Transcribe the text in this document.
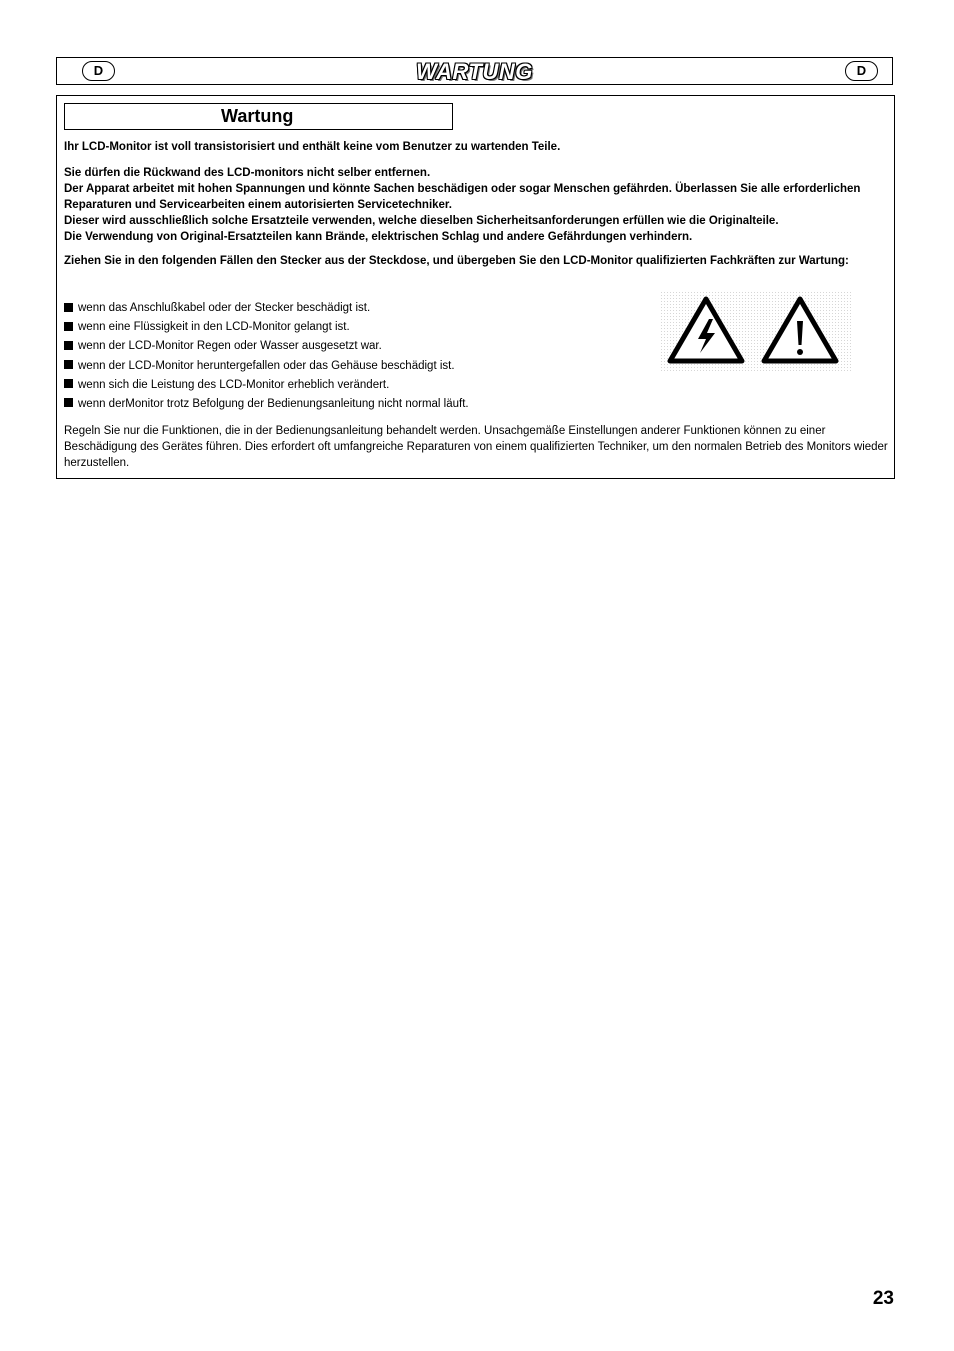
D	WARTUNG	D
Wartung

Ihr LCD-Monitor ist voll transistorisiert und enthält keine vom Benutzer zu wartenden Teile.

Sie dürfen die Rückwand des LCD-monitors nicht selber entfernen.
Der Apparat arbeitet mit hohen Spannungen und könnte Sachen beschädigen oder sogar Menschen gefährden. Überlassen Sie alle erforderlichen Reparaturen und Servicearbeiten einem autorisierten Servicetechniker.
Dieser wird ausschließlich solche Ersatzteile verwenden, welche dieselben Sicherheitsanforderungen erfüllen wie die Originalteile.
Die Verwendung von Original-Ersatzteilen kann Brände, elektrischen Schlag und andere Gefährdungen verhindern.

Ziehen Sie in den folgenden Fällen den Stecker aus der Steckdose, und übergeben Sie den LCD-Monitor qualifizierten Fachkräften zur Wartung:

wenn das Anschlußkabel oder der Stecker beschädigt ist.
wenn eine Flüssigkeit in den LCD-Monitor gelangt ist.
wenn der LCD-Monitor Regen oder Wasser ausgesetzt war.
wenn der LCD-Monitor heruntergefallen oder das Gehäuse beschädigt ist.
wenn sich die Leistung des LCD-Monitor erheblich verändert.
wenn derMonitor trotz Befolgung der Bedienungsanleitung nicht normal läuft.

Regeln Sie nur die Funktionen, die in der Bedienungsanleitung behandelt werden. Unsachgemäße Einstellungen anderer Funktionen können zu einer Beschädigung des Gerätes führen. Dies erfordert oft umfangreiche Reparaturen von einem qualifizierten Techniker, um den normalen Betrieb des Monitors wieder herzustellen.

23
